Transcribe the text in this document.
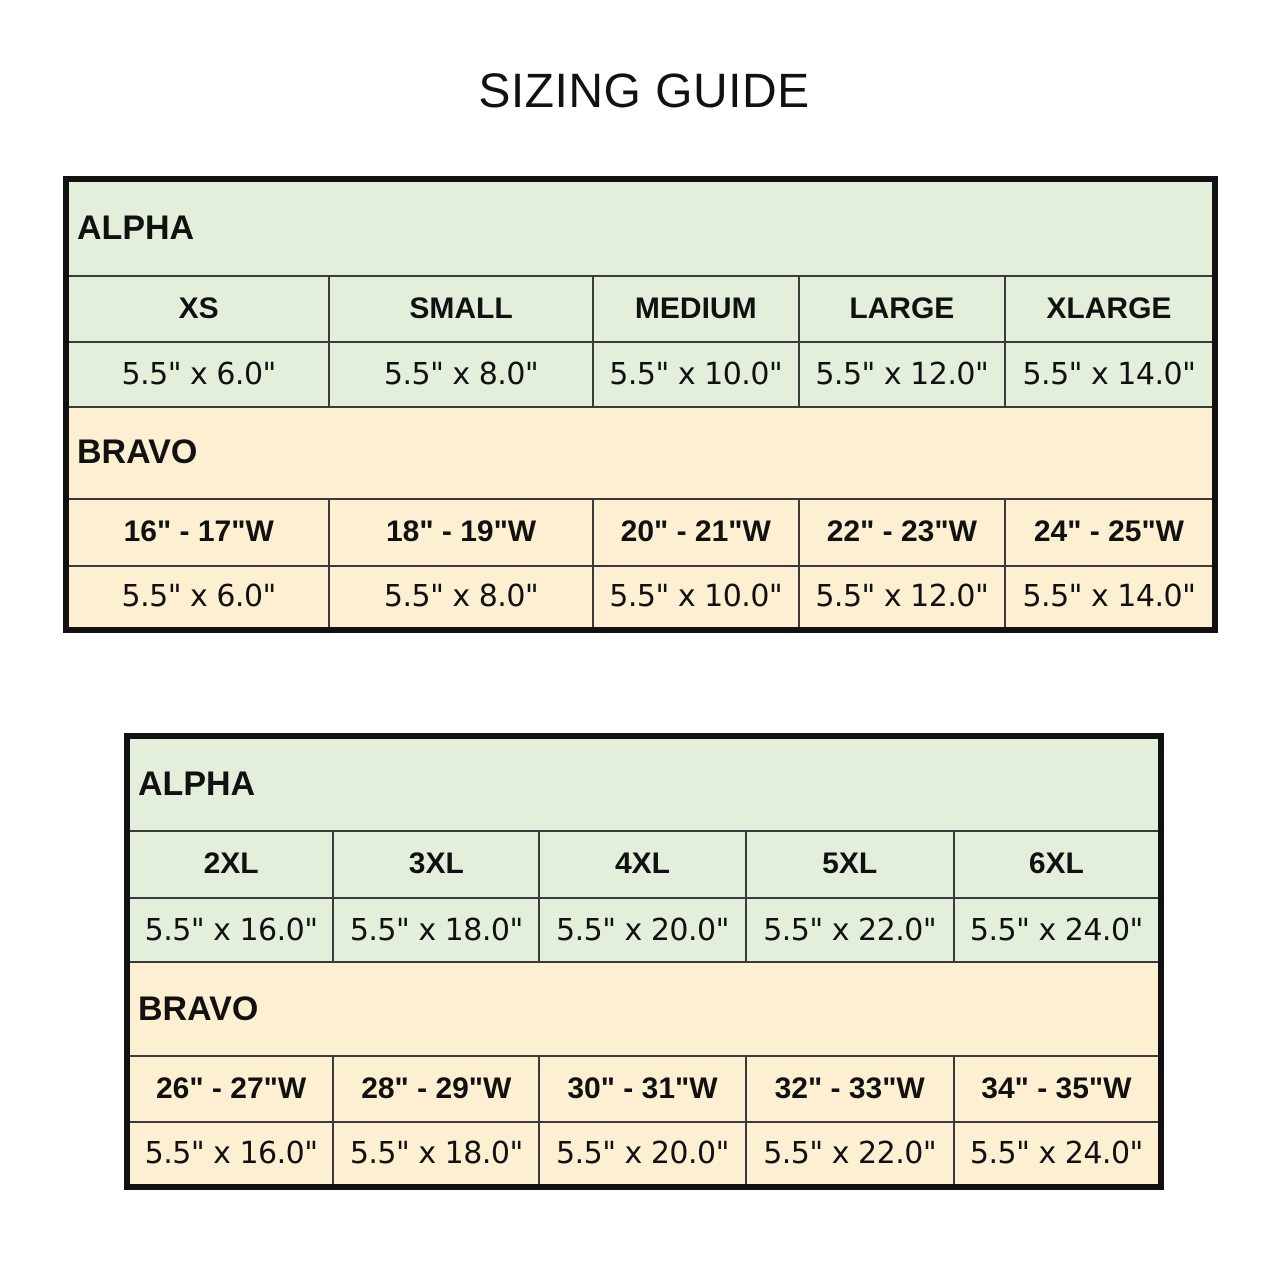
SIZING GUIDE
ALPHA				
XS	SMALL	MEDIUM	LARGE	XLARGE
5.5" x 6.0"	5.5" x 8.0"	5.5" x 10.0"	5.5" x 12.0"	5.5" x 14.0"
BRAVO				
16" - 17"W	18" - 19"W	20" - 21"W	22" - 23"W	24" - 25"W
5.5" x 6.0"	5.5" x 8.0"	5.5" x 10.0"	5.5" x 12.0"	5.5" x 14.0"
ALPHA				
2XL	3XL	4XL	5XL	6XL
5.5" x 16.0"	5.5" x 18.0"	5.5" x 20.0"	5.5" x 22.0"	5.5" x 24.0"
BRAVO				
26" - 27"W	28" - 29"W	30" - 31"W	32" - 33"W	34" - 35"W
5.5" x 16.0"	5.5" x 18.0"	5.5" x 20.0"	5.5" x 22.0"	5.5" x 24.0"
